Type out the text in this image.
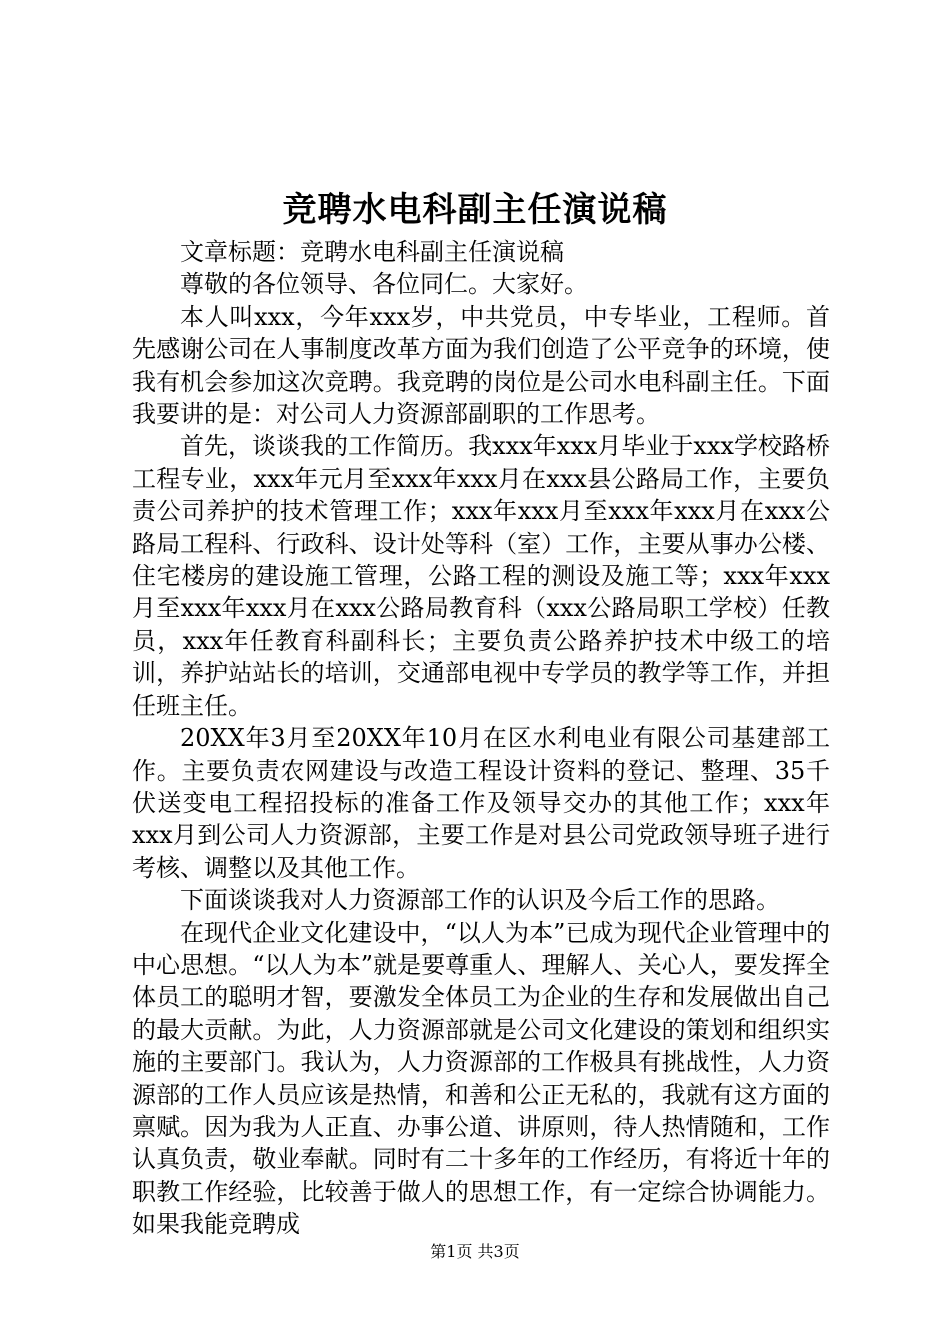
竞聘水电科副主任演说稿

文章标题：竞聘水电科副主任演说稿

尊敬的各位领导、各位同仁。大家好。

本人叫xxx，今年xxx岁，中共党员，中专毕业，工程师。首先感谢公司在人事制度改革方面为我们创造了公平竞争的环境，使我有机会参加这次竞聘。我竞聘的岗位是公司水电科副主任。下面我要讲的是：对公司人力资源部副职的工作思考。

首先，谈谈我的工作简历。我xxx年xxx月毕业于xxx学校路桥工程专业，xxx年元月至xxx年xxx月在xxx县公路局工作，主要负责公司养护的技术管理工作；xxx年xxx月至xxx年xxx月在xxx公路局工程科、行政科、设计处等科（室）工作，主要从事办公楼、住宅楼房的建设施工管理，公路工程的测设及施工等；xxx年xxx月至xxx年xxx月在xxx公路局教育科（xxx公路局职工学校）任教员，xxx年任教育科副科长；主要负责公路养护技术中级工的培训，养护站站长的培训，交通部电视中专学员的教学等工作，并担任班主任。

20XX年3月至20XX年10月在区水利电业有限公司基建部工作。主要负责农网建设与改造工程设计资料的登记、整理、35千伏送变电工程招投标的准备工作及领导交办的其他工作；xxx年xxx月到公司人力资源部，主要工作是对县公司党政领导班子进行考核、调整以及其他工作。

下面谈谈我对人力资源部工作的认识及今后工作的思路。

在现代企业文化建设中，“以人为本”已成为现代企业管理中的中心思想。“以人为本”就是要尊重人、理解人、关心人，要发挥全体员工的聪明才智，要激发全体员工为企业的生存和发展做出自己的最大贡献。为此，人力资源部就是公司文化建设的策划和组织实施的主要部门。我认为，人力资源部的工作极具有挑战性，人力资源部的工作人员应该是热情，和善和公正无私的，我就有这方面的禀赋。因为我为人正直、办事公道、讲原则，待人热情随和，工作认真负责，敬业奉献。同时有二十多年的工作经历，有将近十年的职教工作经验，比较善于做人的思想工作，有一定综合协调能力。如果我能竞聘成

第1页 共3页
